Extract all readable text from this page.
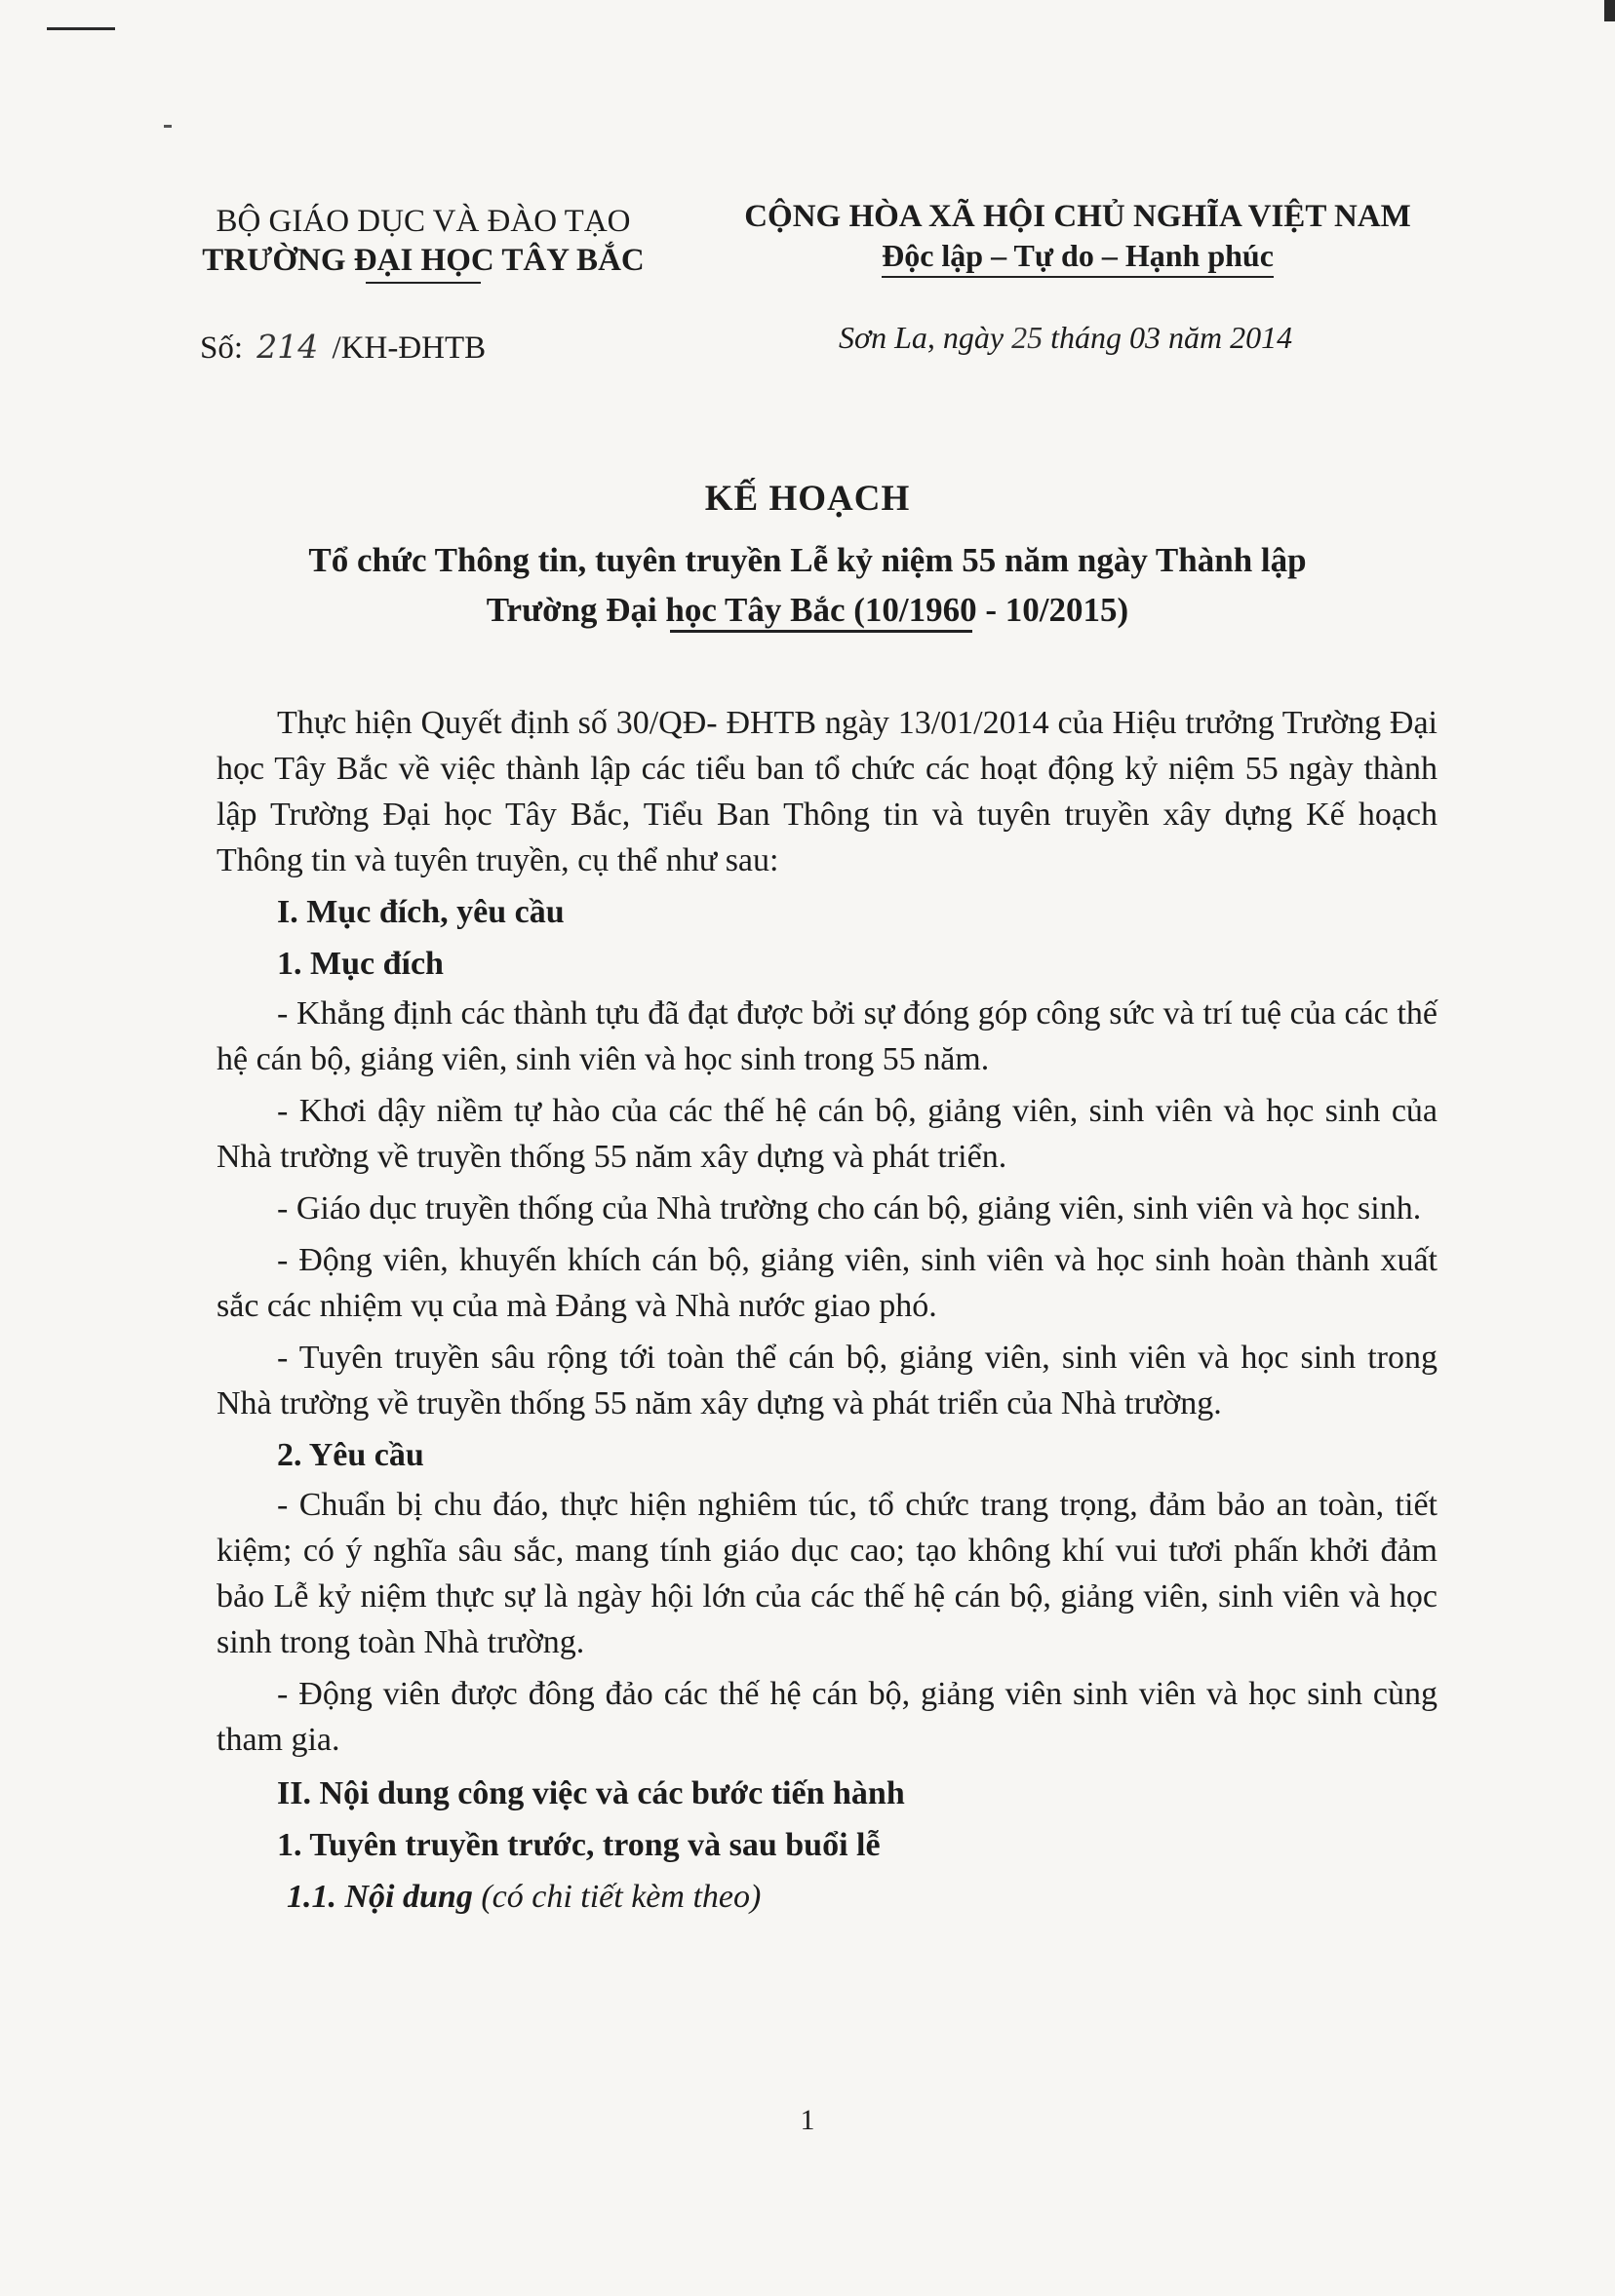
BỘ GIÁO DỤC VÀ ĐÀO TẠO
TRƯỜNG ĐẠI HỌC TÂY BẮC
CỘNG HÒA XÃ HỘI CHỦ NGHĨA VIỆT NAM
Độc lập – Tự do – Hạnh phúc
Số: 214 /KH-ĐHTB	Sơn La, ngày 25 tháng 03 năm 2014
KẾ HOẠCH
Tổ chức Thông tin, tuyên truyền Lễ kỷ niệm 55 năm ngày Thành lập
Trường Đại học Tây Bắc (10/1960 - 10/2015)

Thực hiện Quyết định số 30/QĐ- ĐHTB ngày 13/01/2014 của Hiệu trưởng Trường Đại học Tây Bắc về việc thành lập các tiểu ban tổ chức các hoạt động kỷ niệm 55 ngày thành lập Trường Đại học Tây Bắc, Tiểu Ban Thông tin và tuyên truyền xây dựng Kế hoạch Thông tin và tuyên truyền, cụ thể như sau:

I. Mục đích, yêu cầu

1. Mục đích

- Khẳng định các thành tựu đã đạt được bởi sự đóng góp công sức và trí tuệ của các thế hệ cán bộ, giảng viên, sinh viên và học sinh trong 55 năm.

- Khơi dậy niềm tự hào của các thế hệ cán bộ, giảng viên, sinh viên và học sinh của Nhà trường về truyền thống 55 năm xây dựng và phát triển.

- Giáo dục truyền thống của Nhà trường cho cán bộ, giảng viên, sinh viên và học sinh.

- Động viên, khuyến khích cán bộ, giảng viên, sinh viên và học sinh hoàn thành xuất sắc các nhiệm vụ của mà Đảng và Nhà nước giao phó.

- Tuyên truyền sâu rộng tới toàn thể cán bộ, giảng viên, sinh viên và học sinh trong Nhà trường về truyền thống 55 năm xây dựng và phát triển của Nhà trường.

2. Yêu cầu

- Chuẩn bị chu đáo, thực hiện nghiêm túc, tổ chức trang trọng, đảm bảo an toàn, tiết kiệm; có ý nghĩa sâu sắc, mang tính giáo dục cao; tạo không khí vui tươi phấn khởi đảm bảo Lễ kỷ niệm thực sự là ngày hội lớn của các thế hệ cán bộ, giảng viên, sinh viên và học sinh trong toàn Nhà trường.

- Động viên được đông đảo các thế hệ cán bộ, giảng viên sinh viên và học sinh cùng tham gia.

II. Nội dung công việc và các bước tiến hành

1. Tuyên truyền trước, trong và sau buổi lễ

1.1. Nội dung (có chi tiết kèm theo)

1
